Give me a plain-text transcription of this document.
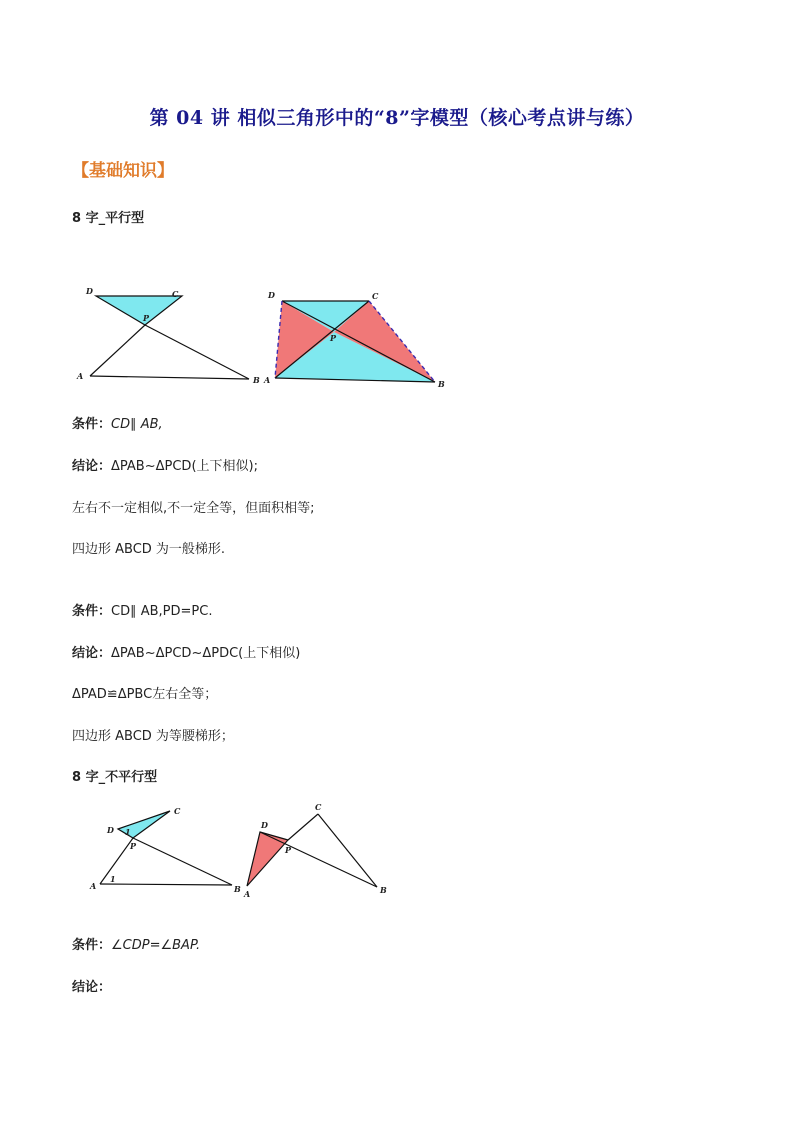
第 04 讲 相似三角形中的“8”字模型（核心考点讲与练）
【基础知识】
8 字_平行型
D	C
P
A	B
D	C
P
A	B
条件：CD∥ AB,
结论：ΔPAB~ΔPCD(上下相似);
左右不一定相似,不一定全等，但面积相等;
四边形 ABCD 为一般梯形.
条件：CD∥ AB,PD=PC.
结论：ΔPAB~ΔPCD~ΔPDC(上下相似)
ΔPAD≌ΔPBC左右全等；
四边形 ABCD 为等腰梯形；
8 字_不平行型
D
C
P
A	B
1
1
D
C
P
A	B
条件：∠CDP=∠BAP.
结论：
